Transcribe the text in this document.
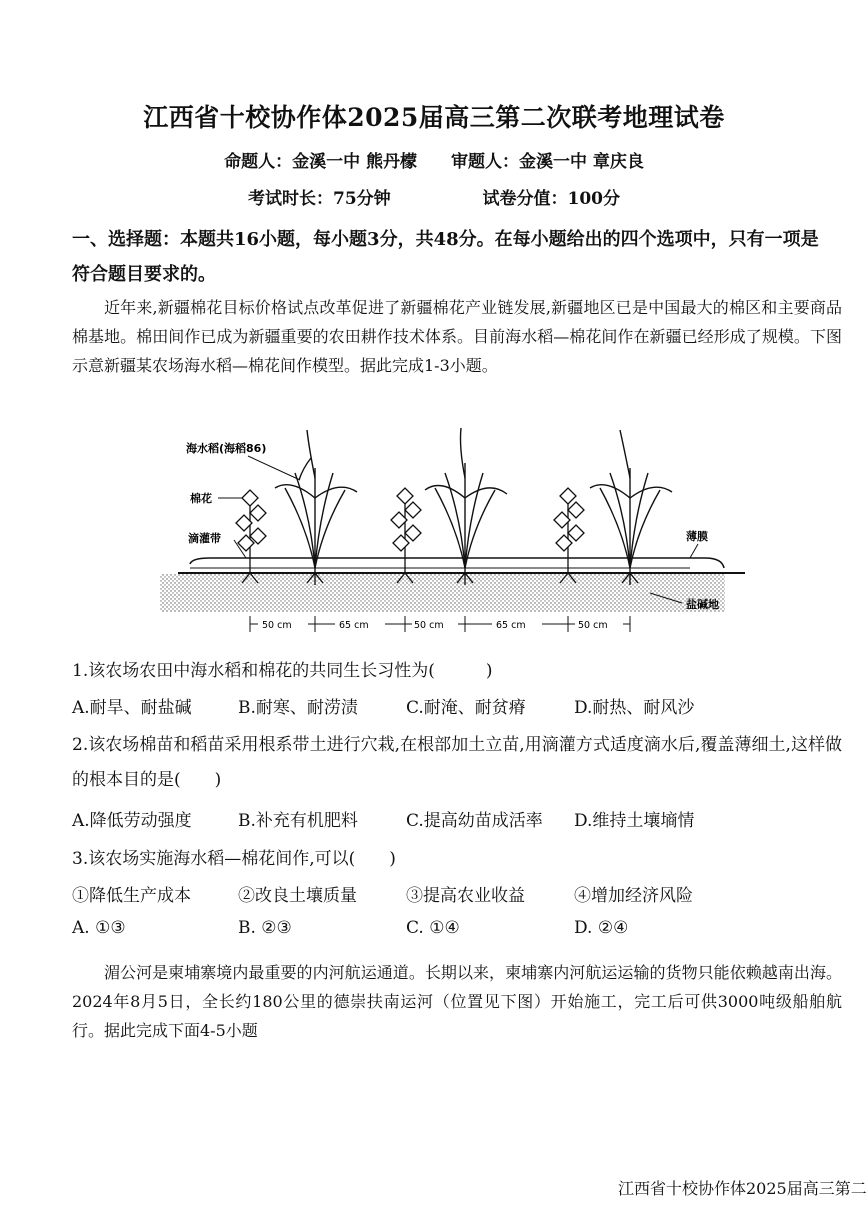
江西省十校协作体2025届高三第二次联考地理试卷
命题人：金溪一中 熊丹檬　　审题人：金溪一中 章庆良
考试时长：75分钟	试卷分值：100分
一、选择题：本题共16小题，每小题3分，共48分。在每小题给出的四个选项中，只有一项是符合题目要求的。
近年来,新疆棉花目标价格试点改革促进了新疆棉花产业链发展,新疆地区已是中国最大的棉区和主要商品棉基地。棉田间作已成为新疆重要的农田耕作技术体系。目前海水稻—棉花间作在新疆已经形成了规模。下图示意新疆某农场海水稻—棉花间作模型。据此完成1-3小题。
海水稻(海稻86)
棉花
滴灌带	薄膜
盐碱地
50 cm	65 cm	50 cm	65 cm	50 cm
1.该农场农田中海水稻和棉花的共同生长习性为(　　　)
A.耐旱、耐盐碱	B.耐寒、耐涝渍	C.耐淹、耐贫瘠	D.耐热、耐风沙
2.该农场棉苗和稻苗采用根系带土进行穴栽,在根部加土立苗,用滴灌方式适度滴水后,覆盖薄细土,这样做的根本目的是(　　)
A.降低劳动强度	B.补充有机肥料	C.提高幼苗成活率 D.维持土壤墒情
3.该农场实施海水稻—棉花间作,可以(　　)
①降低生产成本	②改良土壤质量	③提高农业收益	④增加经济风险
A. ①③	B. ②③	C. ①④	D. ②④
湄公河是柬埔寨境内最重要的内河航运通道。长期以来，柬埔寨内河航运运输的货物只能依赖越南出海。2024年8月5日，全长约180公里的德崇扶南运河（位置见下图）开始施工，完工后可供3000吨级船舶航行。据此完成下面4-5小题
江西省十校协作体2025届高三第二
